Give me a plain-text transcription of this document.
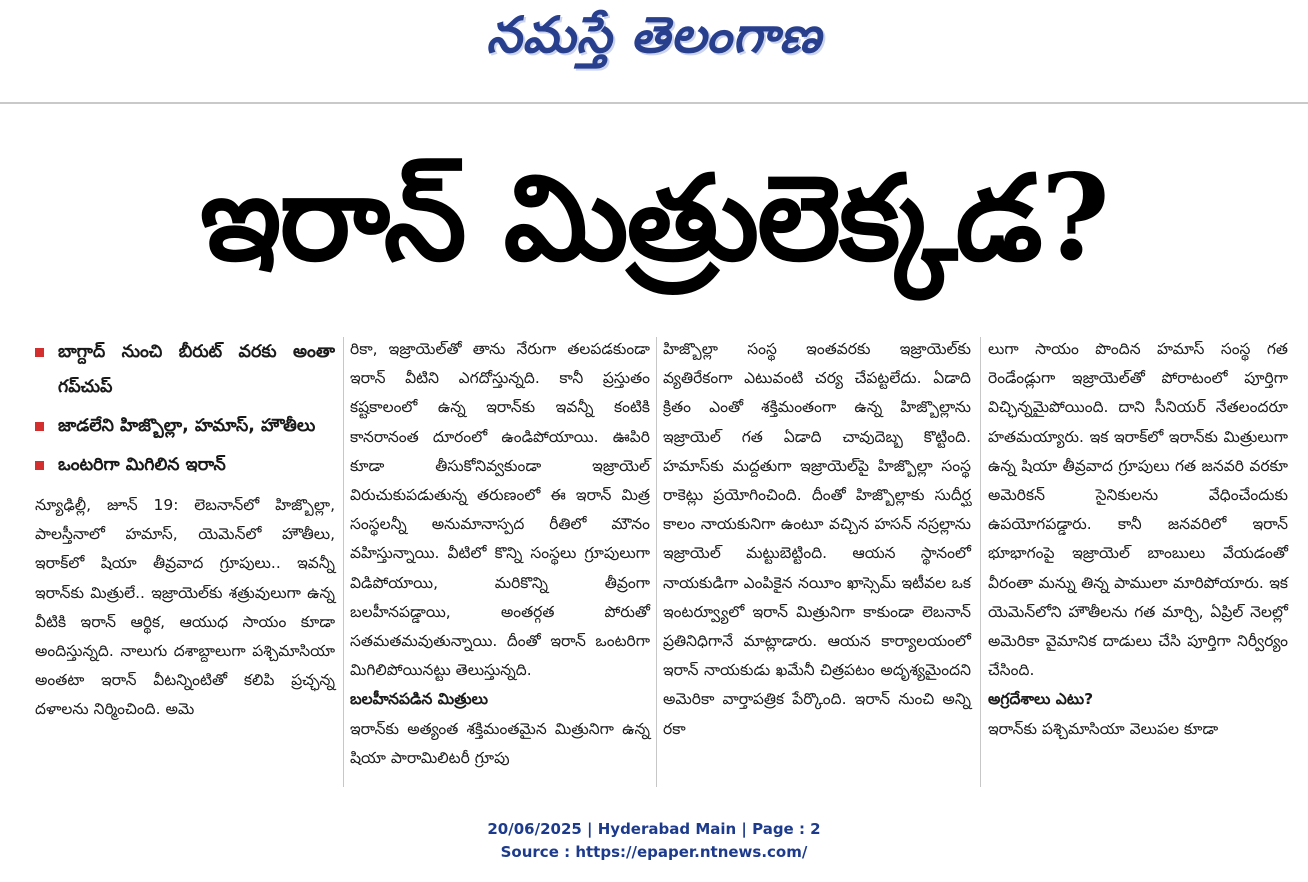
నమస్తే తెలంగాణ
ఇరాన్ మిత్రులెక్కడ?
బాగ్దాద్ నుంచి బీరుట్ వరకు అంతా గప్‌చుప్
జాడలేని హిజ్బొల్లా, హమాస్, హౌతీలు
ఒంటరిగా మిగిలిన ఇరాన్

న్యూఢిల్లీ, జూన్ 19: లెబనాన్‌లో హిజ్బొల్లా, పాలస్తీనాలో హమాస్, యెమెన్‌లో హౌతీలు, ఇరాక్‌లో షియా తీవ్రవాద గ్రూపులు.. ఇవన్నీ ఇరాన్‌కు మిత్రులే.. ఇజ్రాయెల్‌కు శత్రువులుగా ఉన్న వీటికి ఇరాన్ ఆర్థిక, ఆయుధ సాయం కూడా అందిస్తున్నది. నాలుగు దశాబ్దాలుగా పశ్చిమాసియా అంతటా ఇరాన్ వీటన్నింటితో కలిపి ప్రచ్ఛన్న దళాలను నిర్మించింది. అమె

రికా, ఇజ్రాయెల్‌తో తాను నేరుగా తలపడకుండా ఇరాన్ వీటిని ఎగదోస్తున్నది. కానీ ప్రస్తుతం కష్టకాలంలో ఉన్న ఇరాన్‌కు ఇవన్నీ కంటికి కానరానంత దూరంలో ఉండిపోయాయి. ఊపిరి కూడా తీసుకోనివ్వకుండా ఇజ్రాయెల్ విరుచుకుపడుతున్న తరుణంలో ఈ ఇరాన్ మిత్ర సంస్థలన్నీ అనుమానాస్పద రీతిలో మౌనం వహిస్తున్నాయి. వీటిలో కొన్ని సంస్థలు గ్రూపులుగా విడిపోయాయి, మరికొన్ని తీవ్రంగా బలహీనపడ్డాయి, అంతర్గత పోరుతో సతమతమవుతున్నాయి. దీంతో ఇరాన్ ఒంటరిగా మిగిలిపోయినట్టు తెలుస్తున్నది.

బలహీనపడిన మిత్రులు

ఇరాన్‌కు అత్యంత శక్తిమంతమైన మిత్రునిగా ఉన్న షియా పారామిలిటరీ గ్రూపు

హిజ్బొల్లా సంస్థ ఇంతవరకు ఇజ్రాయెల్‌కు వ్యతిరేకంగా ఎటువంటి చర్య చేపట్టలేదు. ఏడాది క్రితం ఎంతో శక్తిమంతంగా ఉన్న హిజ్బొల్లాను ఇజ్రాయెల్ గత ఏడాది చావుదెబ్బ కొట్టింది. హమాస్‌కు మద్దతుగా ఇజ్రాయెల్‌పై హిజ్బొల్లా సంస్థ రాకెట్లు ప్రయోగించింది. దీంతో హిజ్బొల్లాకు సుదీర్ఘ కాలం నాయకునిగా ఉంటూ వచ్చిన హసన్ నస్రల్లాను ఇజ్రాయెల్ మట్టుబెట్టింది. ఆయన స్థానంలో నాయకుడిగా ఎంపికైన నయీం ఖాస్సెమ్ ఇటీవల ఒక ఇంటర్వ్యూలో ఇరాన్ మిత్రునిగా కాకుండా లెబనాన్ ప్రతినిధిగానే మాట్లాడారు. ఆయన కార్యాలయంలో ఇరాన్ నాయకుడు ఖమేనీ చిత్రపటం అదృశ్యమైందని అమెరికా వార్తాపత్రిక పేర్కొంది. ఇరాన్ నుంచి అన్ని రకా

లుగా సాయం పొందిన హమాస్ సంస్థ గత రెండేండ్లుగా ఇజ్రాయెల్‌తో పోరాటంలో పూర్తిగా విచ్ఛిన్నమైపోయింది. దాని సీనియర్ నేతలందరూ హతమయ్యారు. ఇక ఇరాక్‌లో ఇరాన్‌కు మిత్రులుగా ఉన్న షియా తీవ్రవాద గ్రూపులు గత జనవరి వరకూ అమెరికన్ సైనికులను వేధించేందుకు ఉపయోగపడ్డారు. కానీ జనవరిలో ఇరాన్ భూభాగంపై ఇజ్రాయెల్ బాంబులు వేయడంతో వీరంతా మన్ను తిన్న పాములా మారిపోయారు. ఇక యెమెన్‌లోని హౌతీలను గత మార్చి, ఏప్రిల్ నెలల్లో అమెరికా వైమానిక దాడులు చేసి పూర్తిగా నిర్వీర్యం చేసింది.

అగ్రదేశాలు ఎటు?

ఇరాన్‌కు పశ్చిమాసియా వెలుపల కూడా

20/06/2025 | Hyderabad Main | Page : 2
Source : https://epaper.ntnews.com/
